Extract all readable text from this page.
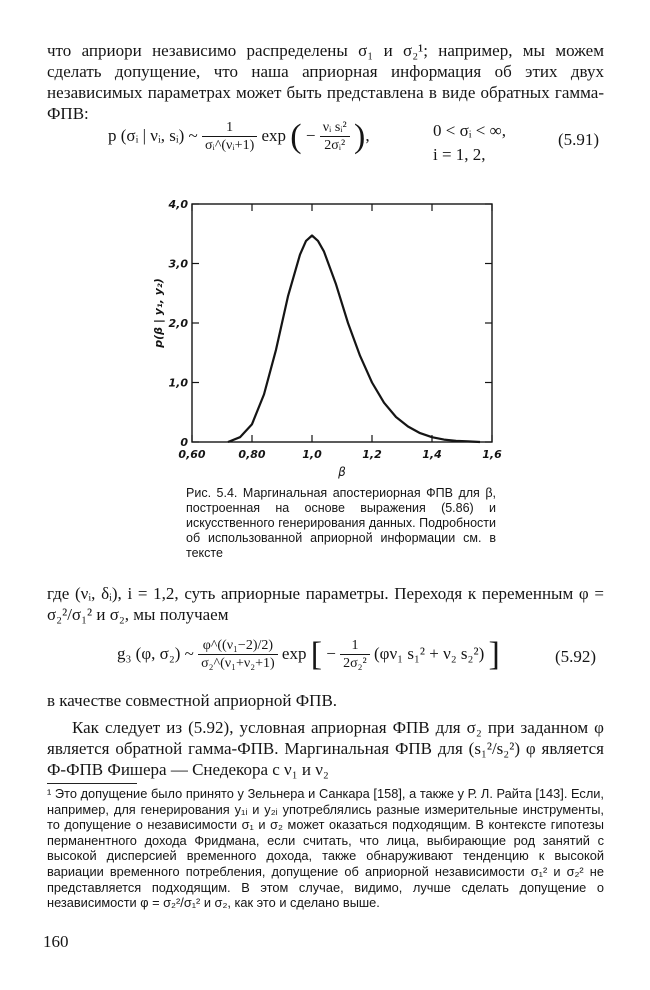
что априори независимо распределены σ₁ и σ₂¹; например, мы можем сделать допущение, что наша априорная информация об этих двух независимых параметрах может быть представлена в виде обратных гамма-ФПВ:

p (σᵢ | νᵢ, sᵢ) ~ $\frac{1}{\text{σᵢ\textasciicircum{}(νᵢ+1)}}$ exp ( − $\frac{\text{νᵢ sᵢ²}}{\text{2σᵢ²}}$ ),	0 < σᵢ < ∞,
i = 1, 2,
(5.91)
0,60	0,80	1,0	1,2	1,4	1,6
0
1,0
2,0
3,0
4,0
β
p(β | y₁, y₂)
Рис. 5.4. Маргинальная апостериорная ФПВ для β, построенная на основе выражения (5.86) и искусственного генерирования данных. Подробности об использованной априорной информации см. в тексте

где (νᵢ, δᵢ), i = 1,2, суть априорные параметры. Переходя к переменным φ = σ₂²/σ₁² и σ₂, мы получаем

g₃ (φ, σ₂) ~ $\frac{\text{φ\textasciicircum{}((ν₁−2)/2)}}{\text{σ₂\textasciicircum{}(ν₁+ν₂+1)}}$ exp [ − $\frac{1}{\text{2σ₂²}} (\varphi\nu_1$ s₁² + ν₂ s₂²) ]	(5.92)

в качестве совместной априорной ФПВ.

Как следует из (5.92), условная априорная ФПВ для σ₂ при заданном φ является обратной гамма-ФПВ. Маргинальная ФПВ для (s₁²/s₂²) φ является Ф-ФПВ Фишера — Снедекора с ν₁ и ν₂

¹ Это допущение было принято у Зельнера и Санкара [158], а также у Р. Л. Райта [143]. Если, например, для генерирования y₁ᵢ и y₂ᵢ употреблялись разные измерительные инструменты, то допущение о независимости σ₁ и σ₂ может оказаться подходящим. В контексте гипотезы перманентного дохода Фридмана, если считать, что лица, выбирающие род занятий с высокой дисперсией временного дохода, также обнаруживают тенденцию к высокой вариации временного потребления, допущение об априорной независимости σ₁² и σ₂² не представляется подходящим. В этом случае, видимо, лучше сделать допущение о независимости φ = σ₂²/σ₁² и σ₂, как это и сделано выше.
160
